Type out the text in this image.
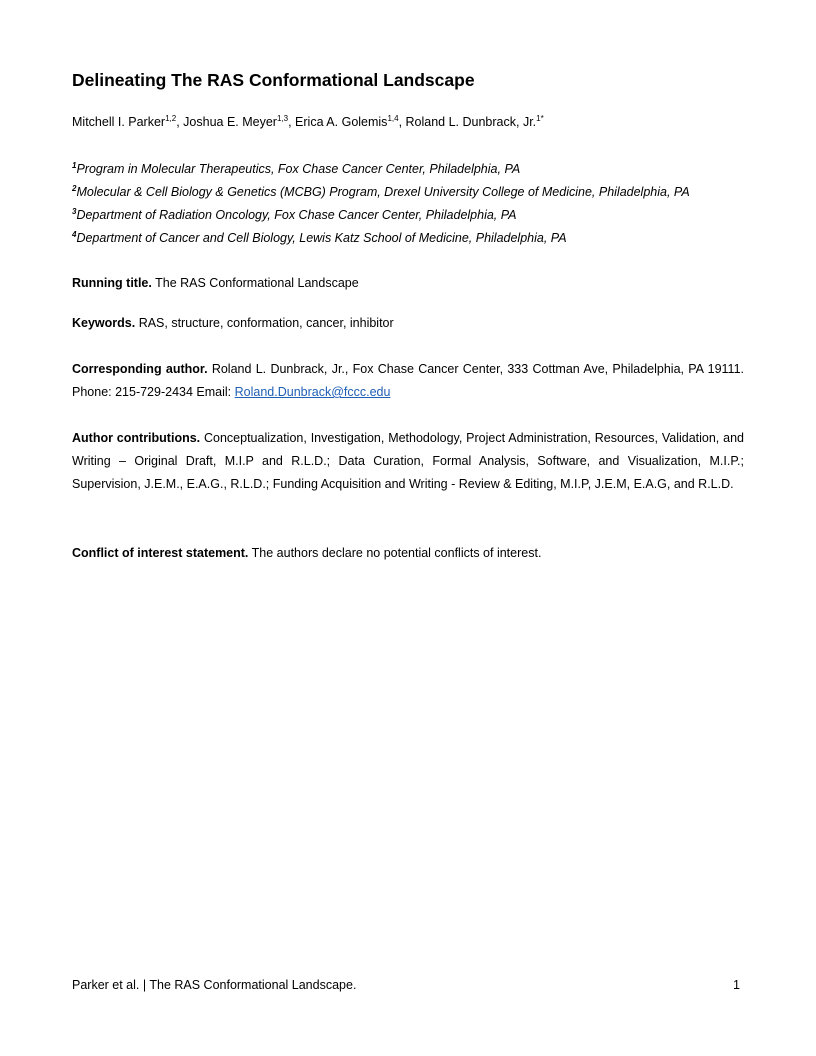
Delineating The RAS Conformational Landscape
Mitchell I. Parker$^{1,2}$, Joshua E. Meyer$^{1,3}$, Erica A. Golemis$^{1,4}$, Roland L. Dunbrack, Jr.$^{1*}$
$^1$Program in Molecular Therapeutics, Fox Chase Cancer Center, Philadelphia, PA
$^2$Molecular & Cell Biology & Genetics (MCBG) Program, Drexel University College of Medicine, Philadelphia, PA
$^3$Department of Radiation Oncology, Fox Chase Cancer Center, Philadelphia, PA
$^4$Department of Cancer and Cell Biology, Lewis Katz School of Medicine, Philadelphia, PA
Running title. The RAS Conformational Landscape
Keywords. RAS, structure, conformation, cancer, inhibitor
Corresponding author. Roland L. Dunbrack, Jr., Fox Chase Cancer Center, 333 Cottman Ave, Philadelphia, PA 19111. Phone: 215-729-2434 Email: Roland.Dunbrack@fccc.edu
Author contributions. Conceptualization, Investigation, Methodology, Project Administration, Resources, Validation, and Writing – Original Draft, M.I.P and R.L.D.; Data Curation, Formal Analysis, Software, and Visualization, M.I.P.; Supervision, J.E.M., E.A.G., R.L.D.; Funding Acquisition and Writing - Review & Editing, M.I.P, J.E.M, E.A.G, and R.L.D.
Conflict of interest statement. The authors declare no potential conflicts of interest.
Parker et al. | The RAS Conformational Landscape.	1
